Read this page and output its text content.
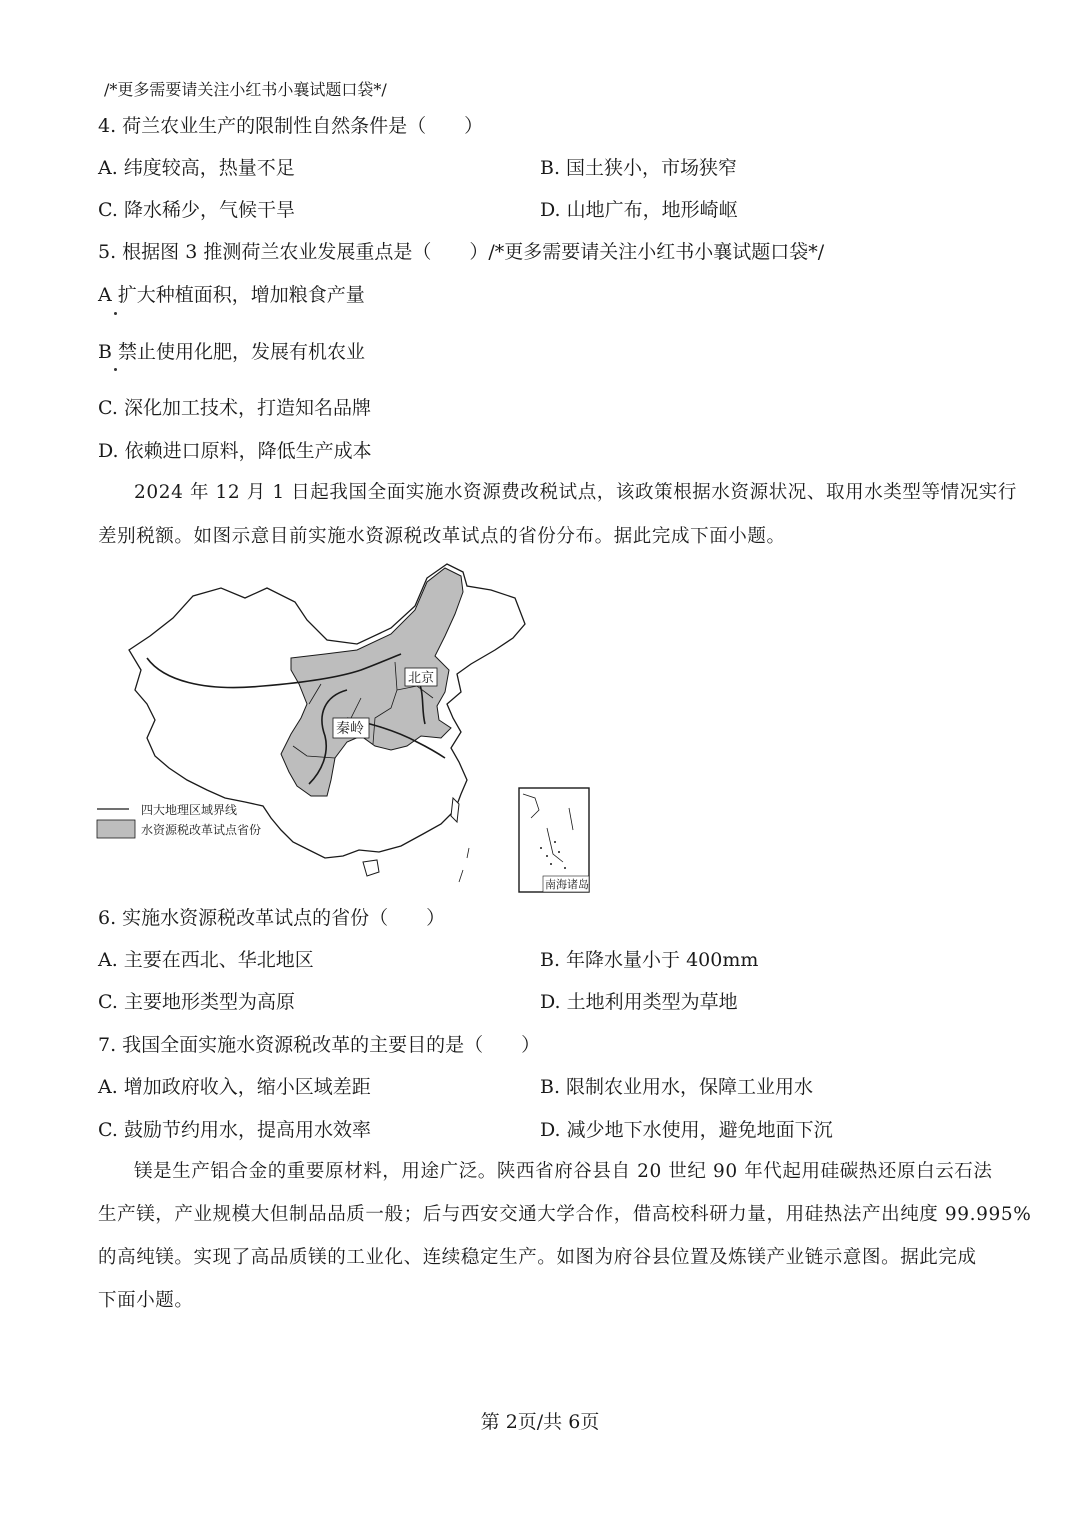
/*更多需要请关注小红书小襄试题口袋*/
4. 荷兰农业生产的限制性自然条件是（　　）
A. 纬度较高，热量不足	B. 国土狭小，市场狭窄
C. 降水稀少，气候干旱	D. 山地广布，地形崎岖
5. 根据图 3 推测荷兰农业发展重点是（　　）/*更多需要请关注小红书小襄试题口袋*/
A 扩大种植面积，增加粮食产量
B 禁止使用化肥，发展有机农业
C. 深化加工技术，打造知名品牌
D. 依赖进口原料，降低生产成本
2024 年 12 月 1 日起我国全面实施水资源费改税试点，该政策根据水资源状况、取用水类型等情况实行
差别税额。如图示意目前实施水资源税改革试点的省份分布。据此完成下面小题。
北京
秦岭
四大地理区域界线
水资源税改革试点省份
南海诸岛
6. 实施水资源税改革试点的省份（　　）
A. 主要在西北、华北地区	B. 年降水量小于 400mm
C. 主要地形类型为高原	D. 土地利用类型为草地
7. 我国全面实施水资源税改革的主要目的是（　　）
A. 增加政府收入，缩小区域差距	B. 限制农业用水，保障工业用水
C. 鼓励节约用水，提高用水效率	D. 减少地下水使用，避免地面下沉
镁是生产铝合金的重要原材料，用途广泛。陕西省府谷县自 20 世纪 90 年代起用硅碳热还原白云石法
生产镁，产业规模大但制品品质一般；后与西安交通大学合作，借高校科研力量，用硅热法产出纯度 99.995%
的高纯镁。实现了高品质镁的工业化、连续稳定生产。如图为府谷县位置及炼镁产业链示意图。据此完成
下面小题。
第 2页/共 6页
